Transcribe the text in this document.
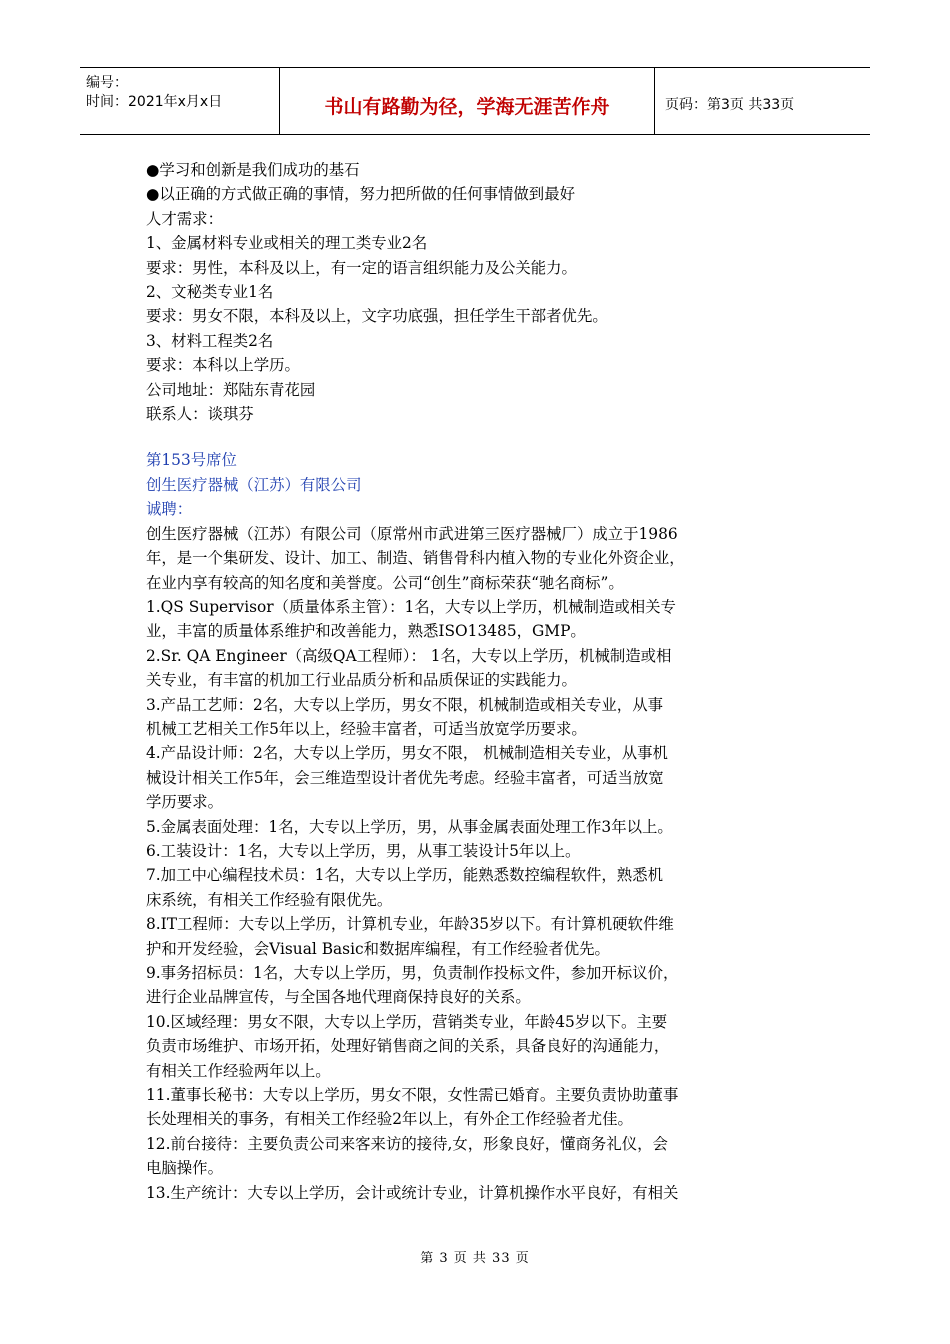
编号：
时间：2021年x月x日	书山有路勤为径，学海无涯苦作舟	页码：第3页 共33页

●学习和创新是我们成功的基石

●以正确的方式做正确的事情，努力把所做的任何事情做到最好

人才需求：

1、金属材料专业或相关的理工类专业2名

要求：男性，本科及以上，有一定的语言组织能力及公关能力。

2、文秘类专业1名

要求：男女不限，本科及以上，文字功底强，担任学生干部者优先。

3、材料工程类2名

要求：本科以上学历。

公司地址：郑陆东青花园

联系人：谈琪芬

第153号席位

创生医疗器械（江苏）有限公司

诚聘：

创生医疗器械（江苏）有限公司（原常州市武进第三医疗器械厂）成立于1986

年，是一个集研发、设计、加工、制造、销售骨科内植入物的专业化外资企业，

在业内享有较高的知名度和美誉度。公司“创生”商标荣获“驰名商标”。

1.QS Supervisor（质量体系主管）：1名，大专以上学历，机械制造或相关专

业，丰富的质量体系维护和改善能力，熟悉ISO13485，GMP。

2.Sr. QA Engineer（高级QA工程师）： 1名，大专以上学历，机械制造或相

关专业，有丰富的机加工行业品质分析和品质保证的实践能力。

3.产品工艺师：2名，大专以上学历，男女不限，机械制造或相关专业，从事

机械工艺相关工作5年以上，经验丰富者，可适当放宽学历要求。

4.产品设计师：2名，大专以上学历，男女不限， 机械制造相关专业，从事机

械设计相关工作5年，会三维造型设计者优先考虑。经验丰富者，可适当放宽

学历要求。

5.金属表面处理：1名，大专以上学历，男，从事金属表面处理工作3年以上。

6.工装设计：1名，大专以上学历，男，从事工装设计5年以上。

7.加工中心编程技术员：1名，大专以上学历，能熟悉数控编程软件，熟悉机

床系统，有相关工作经验有限优先。

8.IT工程师：大专以上学历，计算机专业，年龄35岁以下。有计算机硬软件维

护和开发经验，会Visual Basic和数据库编程，有工作经验者优先。

9.事务招标员：1名，大专以上学历，男，负责制作投标文件，参加开标议价，

进行企业品牌宣传，与全国各地代理商保持良好的关系。

10.区域经理：男女不限，大专以上学历，营销类专业，年龄45岁以下。主要

负责市场维护、市场开拓，处理好销售商之间的关系，具备良好的沟通能力，

有相关工作经验两年以上。

11.董事长秘书：大专以上学历，男女不限，女性需已婚育。主要负责协助董事

长处理相关的事务，有相关工作经验2年以上，有外企工作经验者尤佳。

12.前台接待：主要负责公司来客来访的接待,女，形象良好，懂商务礼仪，会

电脑操作。

13.生产统计：大专以上学历，会计或统计专业，计算机操作水平良好，有相关

第 3 页 共 33 页
